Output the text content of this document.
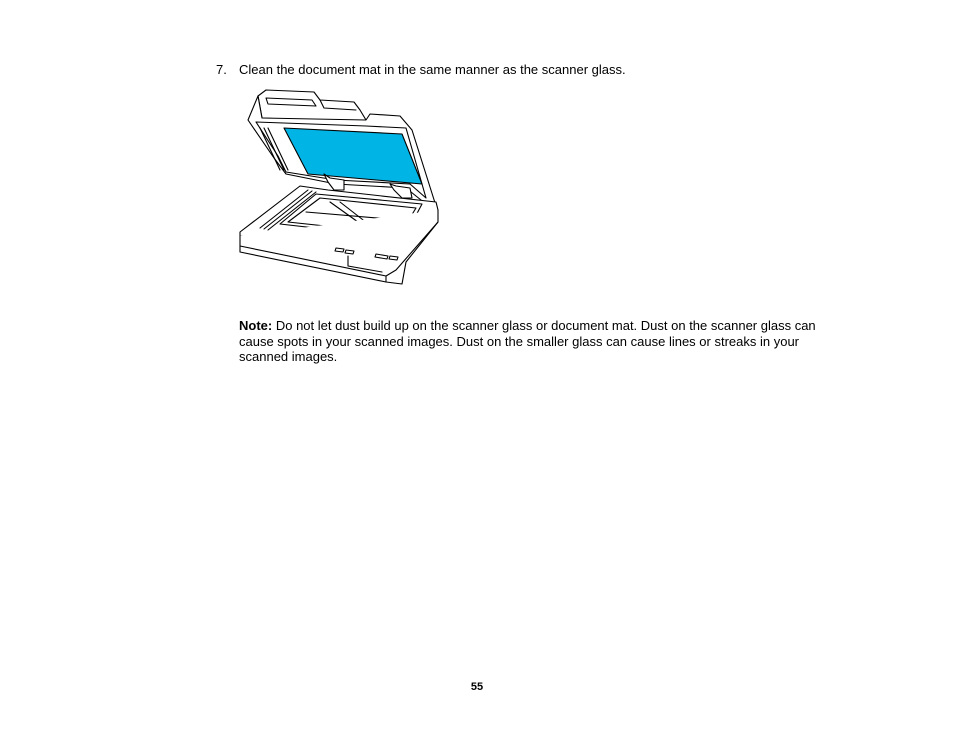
7. Clean the document mat in the same manner as the scanner glass.
Note: Do not let dust build up on the scanner glass or document mat. Dust on the scanner glass can cause spots in your scanned images. Dust on the smaller glass can cause lines or streaks in your scanned images.
55
